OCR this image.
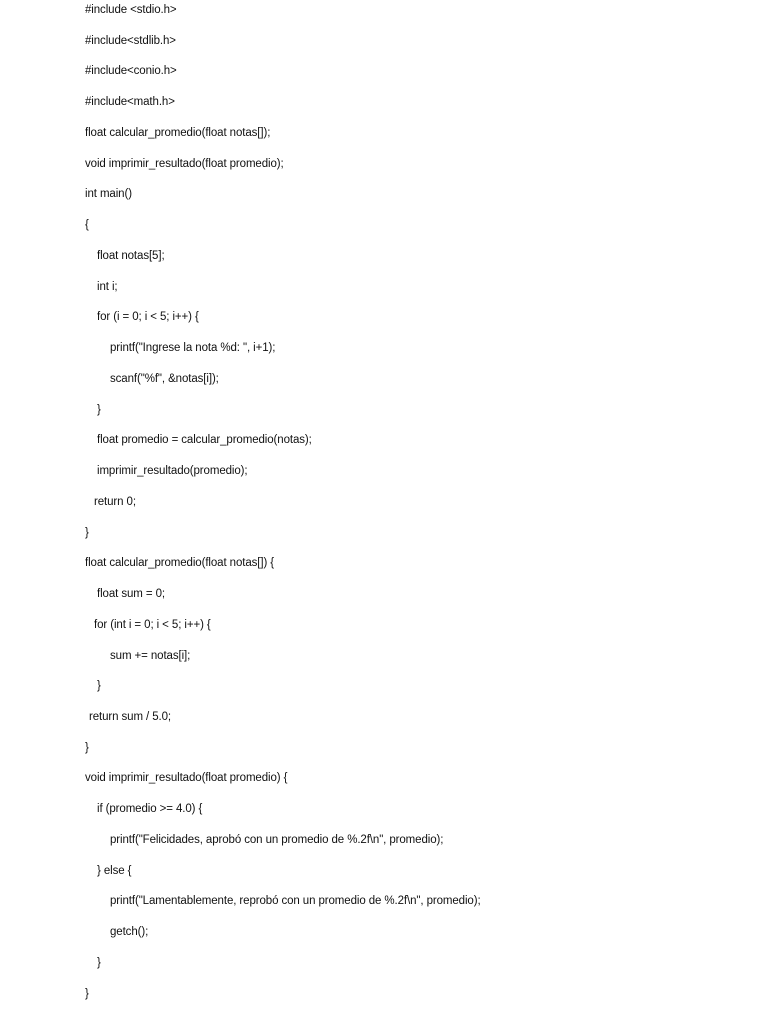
#include <stdio.h>
#include<stdlib.h>
#include<conio.h>
#include<math.h>
float calcular_promedio(float notas[]);
void imprimir_resultado(float promedio);
int main()
{
float notas[5];
int i;
for (i = 0; i < 5; i++) {
printf("Ingrese la nota %d: ", i+1);
scanf("%f", &notas[i]);
}
float promedio = calcular_promedio(notas);
imprimir_resultado(promedio);
return 0;
}
float calcular_promedio(float notas[]) {
float sum = 0;
for (int i = 0; i < 5; i++) {
sum += notas[i];
}
return sum / 5.0;
}
void imprimir_resultado(float promedio) {
if (promedio >= 4.0) {
printf("Felicidades, aprobó con un promedio de %.2f\n", promedio);
} else {
printf("Lamentablemente, reprobó con un promedio de %.2f\n", promedio);
getch();
}
}
